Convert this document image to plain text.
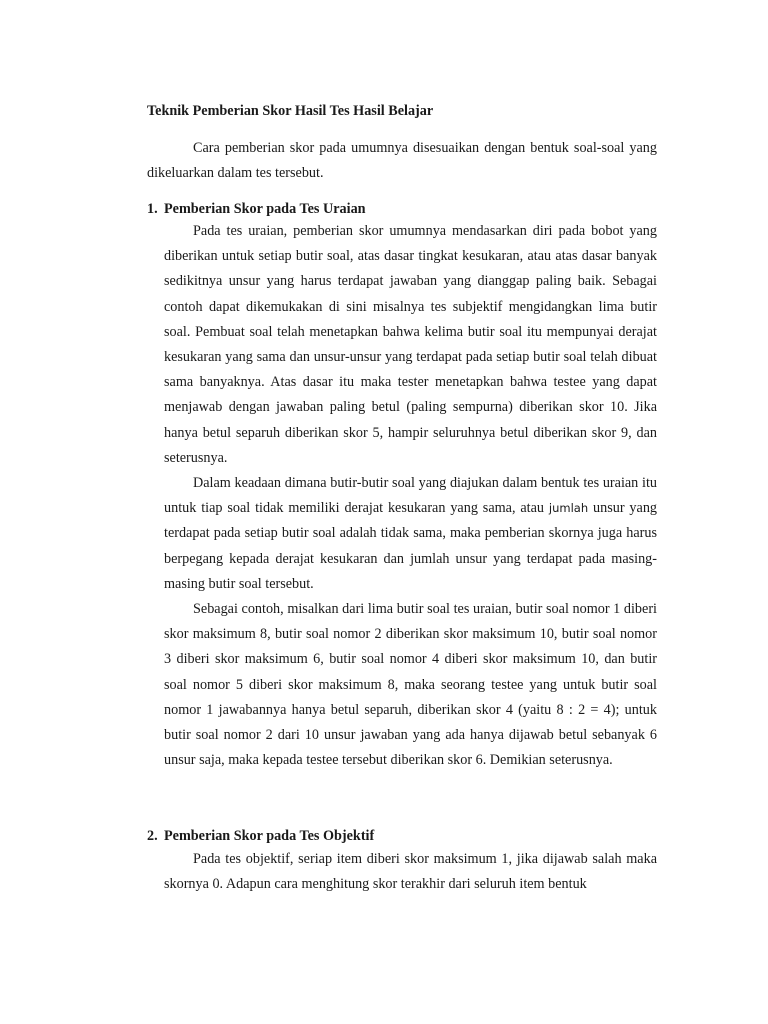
Teknik Pemberian Skor Hasil Tes Hasil Belajar

Cara pemberian skor pada umumnya disesuaikan dengan bentuk soal-soal yang dikeluarkan dalam tes tersebut.

1. Pemberian Skor pada Tes Uraian

Pada tes uraian, pemberian skor umumnya mendasarkan diri pada bobot yang diberikan untuk setiap butir soal, atas dasar tingkat kesukaran, atau atas dasar banyak sedikitnya unsur yang harus terdapat jawaban yang dianggap paling baik. Sebagai contoh dapat dikemukakan di sini misalnya tes subjektif mengidangkan lima butir soal. Pembuat soal telah menetapkan bahwa kelima butir soal itu mempunyai derajat kesukaran yang sama dan unsur-unsur yang terdapat pada setiap butir soal telah dibuat sama banyaknya. Atas dasar itu maka tester menetapkan bahwa testee yang dapat menjawab dengan jawaban paling betul (paling sempurna) diberikan skor 10. Jika hanya betul separuh diberikan skor 5, hampir seluruhnya betul diberikan skor 9, dan seterusnya.

Dalam keadaan dimana butir-butir soal yang diajukan dalam bentuk tes uraian itu untuk tiap soal tidak memiliki derajat kesukaran yang sama, atau jumlah unsur yang terdapat pada setiap butir soal adalah tidak sama, maka pemberian skornya juga harus berpegang kepada derajat kesukaran dan jumlah unsur yang terdapat pada masing-masing butir soal tersebut.

Sebagai contoh, misalkan dari lima butir soal tes uraian, butir soal nomor 1 diberi skor maksimum 8, butir soal nomor 2 diberikan skor maksimum 10, butir soal nomor 3 diberi skor maksimum 6, butir soal nomor 4 diberi skor maksimum 10, dan butir soal nomor 5 diberi skor maksimum 8, maka seorang testee yang untuk butir soal nomor 1 jawabannya hanya betul separuh, diberikan skor 4 (yaitu 8 : 2 = 4); untuk butir soal nomor 2 dari 10 unsur jawaban yang ada hanya dijawab betul sebanyak 6 unsur saja, maka kepada testee tersebut diberikan skor 6. Demikian seterusnya.

2. Pemberian Skor pada Tes Objektif

Pada tes objektif, seriap item diberi skor maksimum 1, jika dijawab salah maka skornya 0. Adapun cara menghitung skor terakhir dari seluruh item bentuk
